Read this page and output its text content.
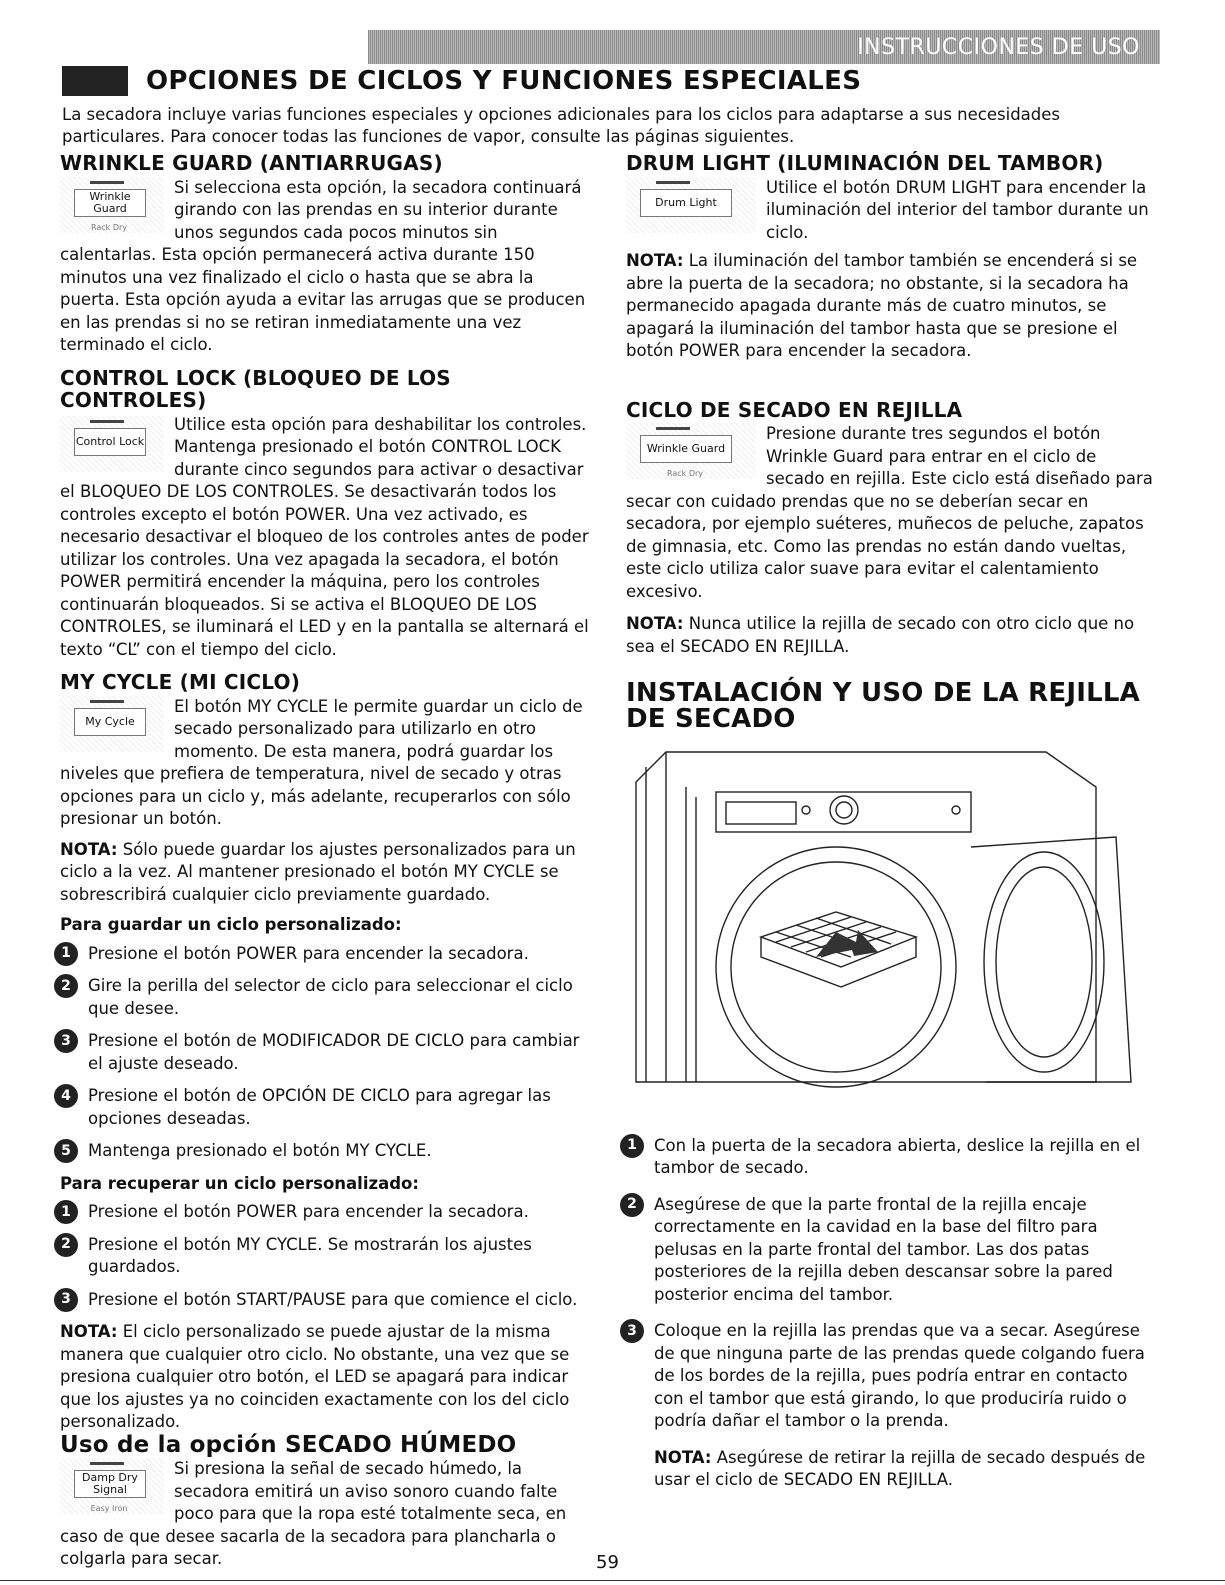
INSTRUCCIONES DE USO
OPCIONES DE CICLOS Y FUNCIONES ESPECIALES

La secadora incluye varias funciones especiales y opciones adicionales para los ciclos para adaptarse a sus necesidades particulares. Para conocer todas las funciones de vapor, consulte las páginas siguientes.

WRINKLE GUARD (ANTIARRUGAS)
Wrinkle Guard
Rack Dry

Si selecciona esta opción, la secadora continuará girando con las prendas en su interior durante unos segundos cada pocos minutos sin calentarlas. Esta opción permanecerá activa durante 150 minutos una vez finalizado el ciclo o hasta que se abra la puerta. Esta opción ayuda a evitar las arrugas que se producen en las prendas si no se retiran inmediatamente una vez terminado el ciclo.

CONTROL LOCK (BLOQUEO DE LOS CONTROLES)
Control Lock

Utilice esta opción para deshabilitar los controles. Mantenga presionado el botón CONTROL LOCK durante cinco segundos para activar o desactivar el BLOQUEO DE LOS CONTROLES. Se desactivarán todos los controles excepto el botón POWER. Una vez activado, es necesario desactivar el bloqueo de los controles antes de poder utilizar los controles. Una vez apagada la secadora, el botón POWER permitirá encender la máquina, pero los controles continuarán bloqueados. Si se activa el BLOQUEO DE LOS CONTROLES, se iluminará el LED y en la pantalla se alternará el texto “CL” con el tiempo del ciclo.

MY CYCLE (MI CICLO)
My Cycle

El botón MY CYCLE le permite guardar un ciclo de secado personalizado para utilizarlo en otro momento. De esta manera, podrá guardar los niveles que prefiera de temperatura, nivel de secado y otras opciones para un ciclo y, más adelante, recuperarlos con sólo presionar un botón.

NOTA: Sólo puede guardar los ajustes personalizados para un ciclo a la vez. Al mantener presionado el botón MY CYCLE se sobrescribirá cualquier ciclo previamente guardado.

Para guardar un ciclo personalizado:

1	Presione el botón POWER para encender la secadora.
2	Gire la perilla del selector de ciclo para seleccionar el ciclo que desee.
3	Presione el botón de MODIFICADOR DE CICLO para cambiar el ajuste deseado.
4	Presione el botón de OPCIÓN DE CICLO para agregar las opciones deseadas.
5	Mantenga presionado el botón MY CYCLE.

Para recuperar un ciclo personalizado:

1	Presione el botón POWER para encender la secadora.
2	Presione el botón MY CYCLE. Se mostrarán los ajustes guardados.
3	Presione el botón START/PAUSE para que comience el ciclo.

NOTA: El ciclo personalizado se puede ajustar de la misma manera que cualquier otro ciclo. No obstante, una vez que se presiona cualquier otro botón, el LED se apagará para indicar que los ajustes ya no coinciden exactamente con los del ciclo personalizado.

Uso de la opción SECADO HÚMEDO
Damp Dry Signal
Easy Iron

Si presiona la señal de secado húmedo, la secadora emitirá un aviso sonoro cuando falte poco para que la ropa esté totalmente seca, en caso de que desee sacarla de la secadora para plancharla o colgarla para secar.

DRUM LIGHT (ILUMINACIÓN DEL TAMBOR)
Drum Light

Utilice el botón DRUM LIGHT para encender la iluminación del interior del tambor durante un ciclo.

NOTA: La iluminación del tambor también se encenderá si se abre la puerta de la secadora; no obstante, si la secadora ha permanecido apagada durante más de cuatro minutos, se apagará la iluminación del tambor hasta que se presione el botón POWER para encender la secadora.

CICLO DE SECADO EN REJILLA
Wrinkle Guard
Rack Dry

Presione durante tres segundos el botón Wrinkle Guard para entrar en el ciclo de secado en rejilla. Este ciclo está diseñado para secar con cuidado prendas que no se deberían secar en secadora, por ejemplo suéteres, muñecos de peluche, zapatos de gimnasia, etc. Como las prendas no están dando vueltas, este ciclo utiliza calor suave para evitar el calentamiento excesivo.

NOTA: Nunca utilice la rejilla de secado con otro ciclo que no sea el SECADO EN REJILLA.

INSTALACIÓN Y USO DE LA REJILLA DE SECADO
1	Con la puerta de la secadora abierta, deslice la rejilla en el tambor de secado.
2	Asegúrese de que la parte frontal de la rejilla encaje correctamente en la cavidad en la base del filtro para pelusas en la parte frontal del tambor. Las dos patas posteriores de la rejilla deben descansar sobre la pared posterior encima del tambor.
3	Coloque en la rejilla las prendas que va a secar. Asegúrese de que ninguna parte de las prendas quede colgando fuera de los bordes de la rejilla, pues podría entrar en contacto con el tambor que está girando, lo que produciría ruido o podría dañar el tambor o la prenda.

NOTA: Asegúrese de retirar la rejilla de secado después de usar el ciclo de SECADO EN REJILLA.

59
